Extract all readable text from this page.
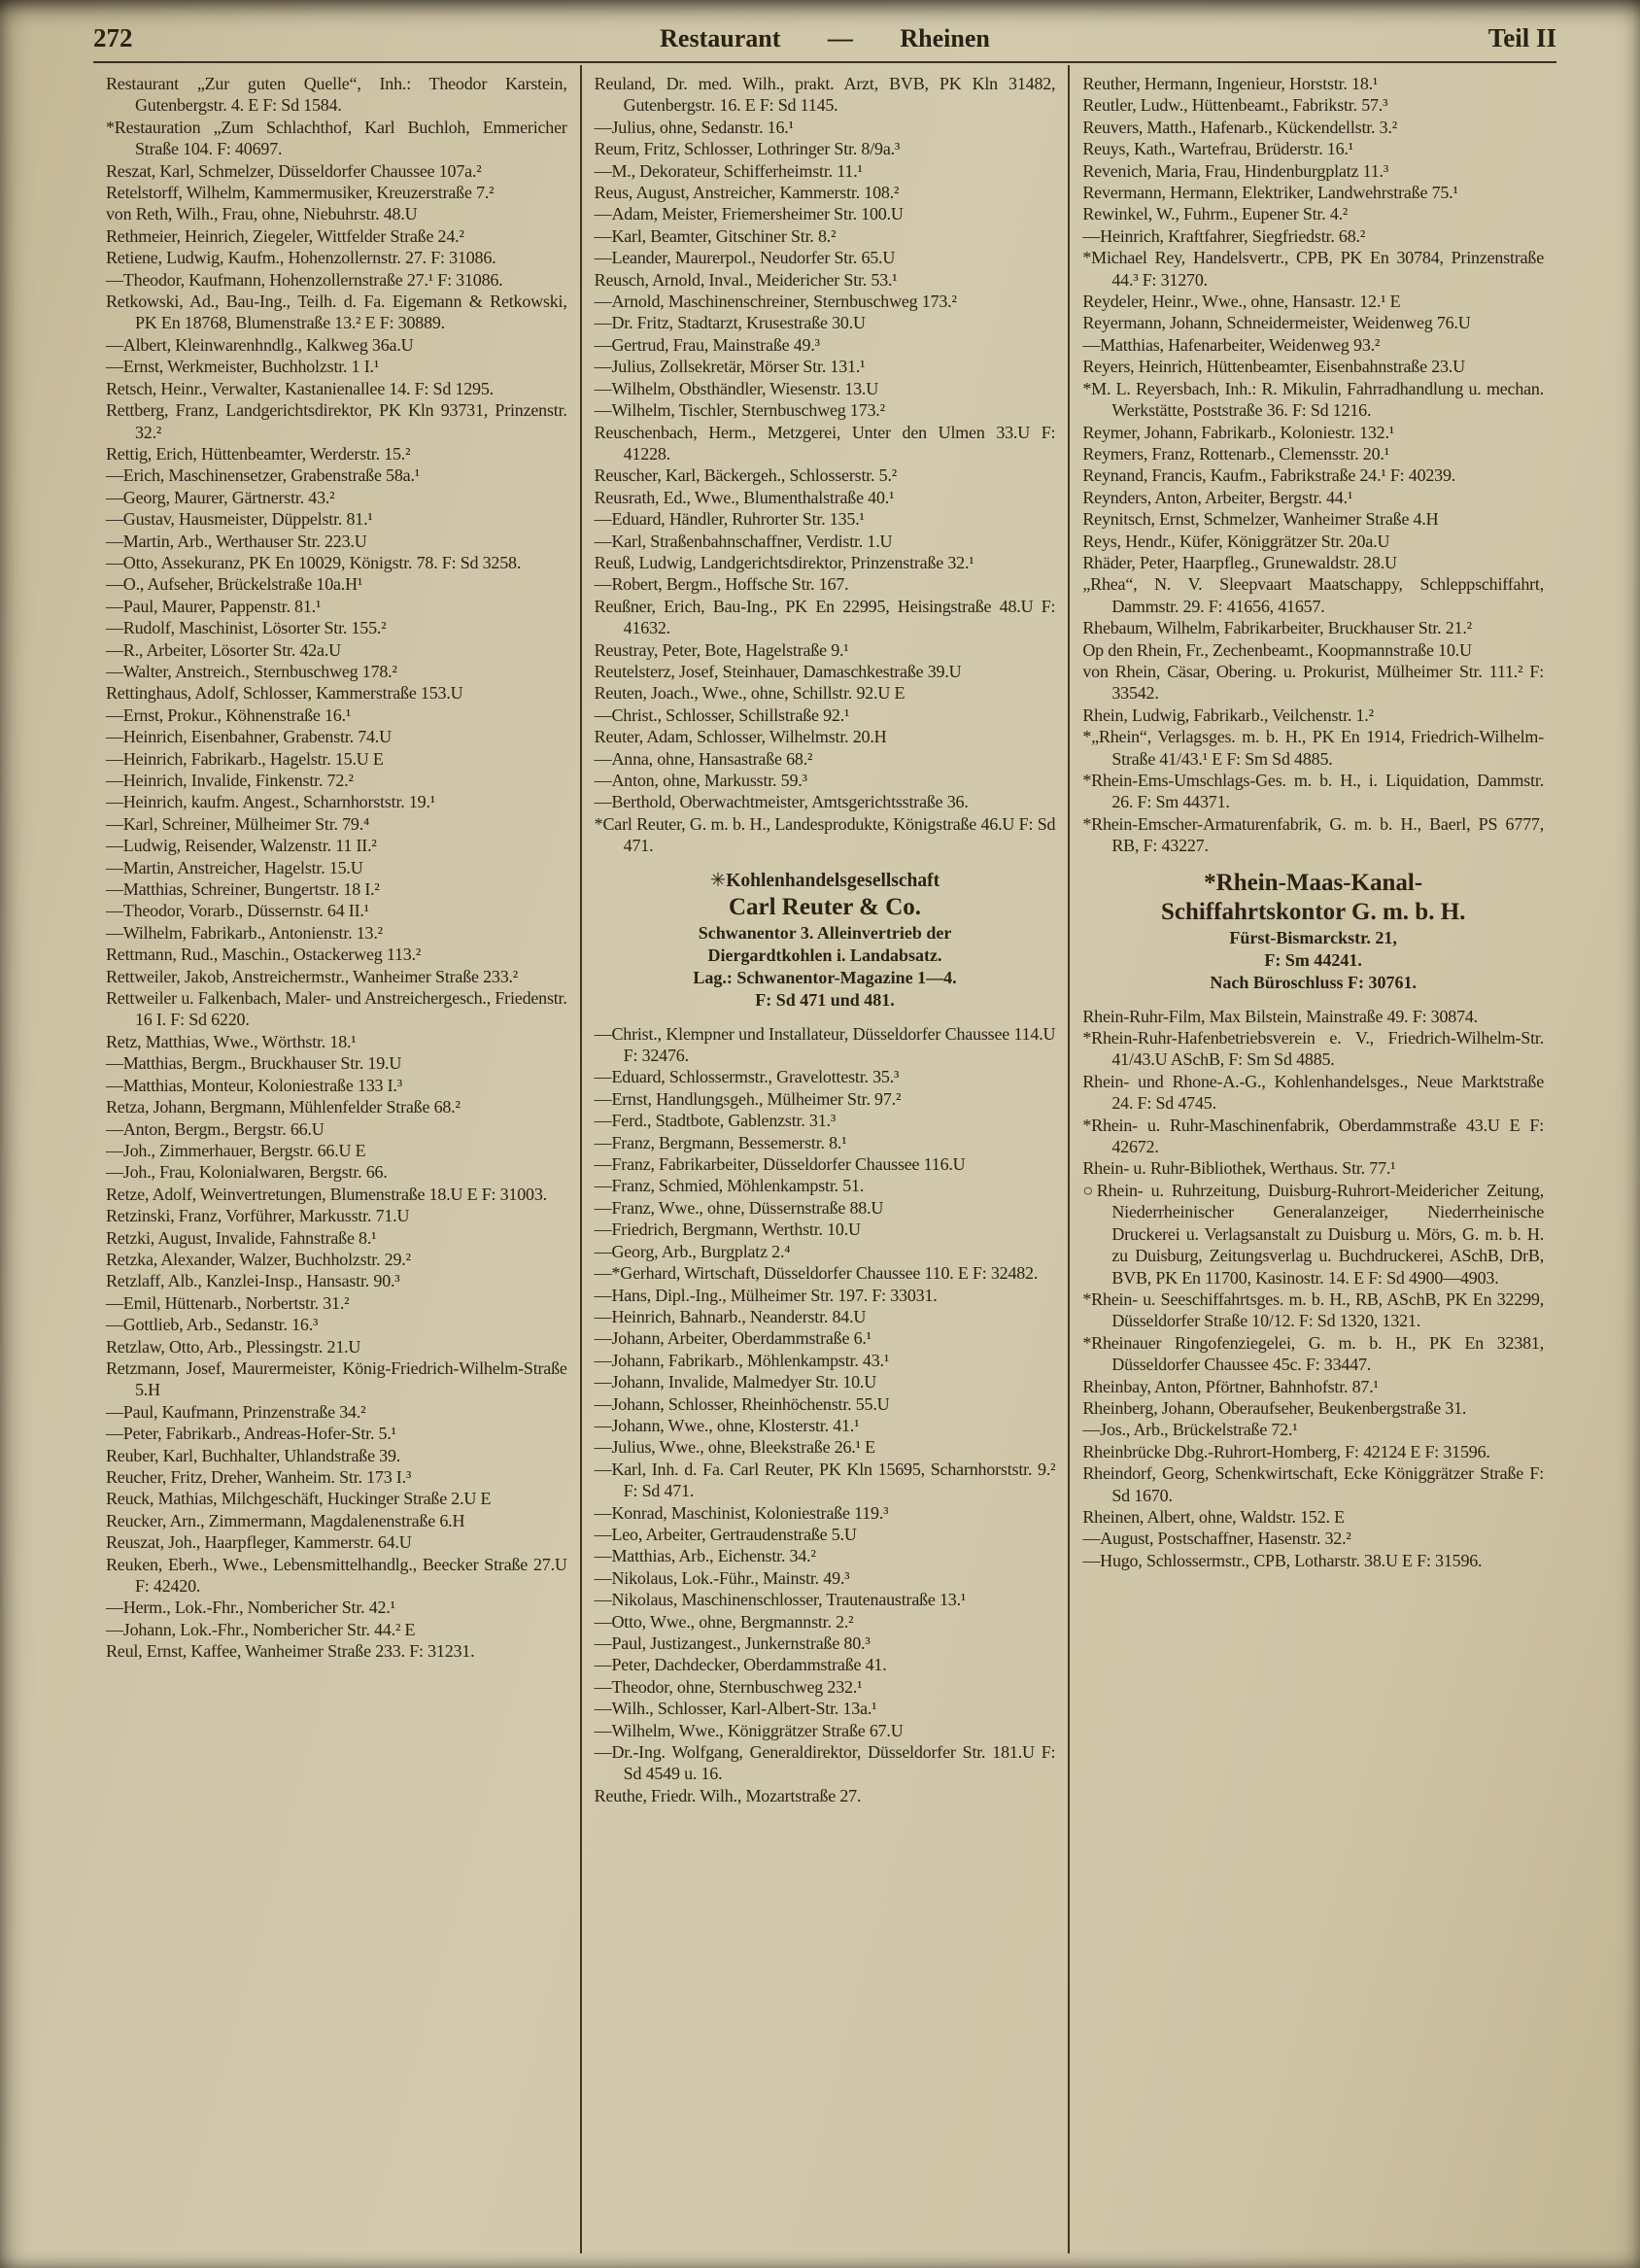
272	Restaurant — Rheinen	Teil II

Restaurant „Zur guten Quelle“, Inh.: Theodor Karstein, Gutenbergstr. 4. E F: Sd 1584.

*Restauration „Zum Schlachthof, Karl Buchloh, Emmericher Straße 104. F: 40697.

Reszat, Karl, Schmelzer, Düsseldorfer Chaussee 107a.²

Retelstorff, Wilhelm, Kammermusiker, Kreuzerstraße 7.²

von Reth, Wilh., Frau, ohne, Niebuhrstr. 48.U

Rethmeier, Heinrich, Ziegeler, Wittfelder Straße 24.²

Retiene, Ludwig, Kaufm., Hohenzollernstr. 27. F: 31086.

—Theodor, Kaufmann, Hohenzollernstraße 27.¹ F: 31086.

Retkowski, Ad., Bau-Ing., Teilh. d. Fa. Eigemann & Retkowski, PK En 18768, Blumenstraße 13.² E F: 30889.

—Albert, Kleinwarenhndlg., Kalkweg 36a.U

—Ernst, Werkmeister, Buchholzstr. 1 I.¹

Retsch, Heinr., Verwalter, Kastanienallee 14. F: Sd 1295.

Rettberg, Franz, Landgerichtsdirektor, PK Kln 93731, Prinzenstr. 32.²

Rettig, Erich, Hüttenbeamter, Werderstr. 15.²

—Erich, Maschinensetzer, Grabenstraße 58a.¹

—Georg, Maurer, Gärtnerstr. 43.²

—Gustav, Hausmeister, Düppelstr. 81.¹

—Martin, Arb., Werthauser Str. 223.U

—Otto, Assekuranz, PK En 10029, Königstr. 78. F: Sd 3258.

—O., Aufseher, Brückelstraße 10a.H¹

—Paul, Maurer, Pappenstr. 81.¹

—Rudolf, Maschinist, Lösorter Str. 155.²

—R., Arbeiter, Lösorter Str. 42a.U

—Walter, Anstreich., Sternbuschweg 178.²

Rettinghaus, Adolf, Schlosser, Kammerstraße 153.U

—Ernst, Prokur., Köhnenstraße 16.¹

—Heinrich, Eisenbahner, Grabenstr. 74.U

—Heinrich, Fabrikarb., Hagelstr. 15.U E

—Heinrich, Invalide, Finkenstr. 72.²

—Heinrich, kaufm. Angest., Scharnhorststr. 19.¹

—Karl, Schreiner, Mülheimer Str. 79.⁴

—Ludwig, Reisender, Walzenstr. 11 II.²

—Martin, Anstreicher, Hagelstr. 15.U

—Matthias, Schreiner, Bungertstr. 18 I.²

—Theodor, Vorarb., Düssernstr. 64 II.¹

—Wilhelm, Fabrikarb., Antonienstr. 13.²

Rettmann, Rud., Maschin., Ostackerweg 113.²

Rettweiler, Jakob, Anstreichermstr., Wanheimer Straße 233.²

Rettweiler u. Falkenbach, Maler- und Anstreichergesch., Friedenstr. 16 I. F: Sd 6220.

Retz, Matthias, Wwe., Wörthstr. 18.¹

—Matthias, Bergm., Bruckhauser Str. 19.U

—Matthias, Monteur, Koloniestraße 133 I.³

Retza, Johann, Bergmann, Mühlenfelder Straße 68.²

—Anton, Bergm., Bergstr. 66.U

—Joh., Zimmerhauer, Bergstr. 66.U E

—Joh., Frau, Kolonialwaren, Bergstr. 66.

Retze, Adolf, Weinvertretungen, Blumenstraße 18.U E F: 31003.

Retzinski, Franz, Vorführer, Markusstr. 71.U

Retzki, August, Invalide, Fahnstraße 8.¹

Retzka, Alexander, Walzer, Buchholzstr. 29.²

Retzlaff, Alb., Kanzlei-Insp., Hansastr. 90.³

—Emil, Hüttenarb., Norbertstr. 31.²

—Gottlieb, Arb., Sedanstr. 16.³

Retzlaw, Otto, Arb., Plessingstr. 21.U

Retzmann, Josef, Maurermeister, König-Friedrich-Wilhelm-Straße 5.H

—Paul, Kaufmann, Prinzenstraße 34.²

—Peter, Fabrikarb., Andreas-Hofer-Str. 5.¹

Reuber, Karl, Buchhalter, Uhlandstraße 39.

Reucher, Fritz, Dreher, Wanheim. Str. 173 I.³

Reuck, Mathias, Milchgeschäft, Huckinger Straße 2.U E

Reucker, Arn., Zimmermann, Magdalenenstraße 6.H

Reuszat, Joh., Haarpfleger, Kammerstr. 64.U

Reuken, Eberh., Wwe., Lebensmittelhandlg., Beecker Straße 27.U F: 42420.

—Herm., Lok.-Fhr., Nombericher Str. 42.¹

—Johann, Lok.-Fhr., Nombericher Str. 44.² E

Reul, Ernst, Kaffee, Wanheimer Straße 233. F: 31231.

Reuland, Dr. med. Wilh., prakt. Arzt, BVB, PK Kln 31482, Gutenbergstr. 16. E F: Sd 1145.

—Julius, ohne, Sedanstr. 16.¹

Reum, Fritz, Schlosser, Lothringer Str. 8/9a.³

—M., Dekorateur, Schifferheimstr. 11.¹

Reus, August, Anstreicher, Kammerstr. 108.²

—Adam, Meister, Friemersheimer Str. 100.U

—Karl, Beamter, Gitschiner Str. 8.²

—Leander, Maurerpol., Neudorfer Str. 65.U

Reusch, Arnold, Inval., Meidericher Str. 53.¹

—Arnold, Maschinenschreiner, Sternbuschweg 173.²

—Dr. Fritz, Stadtarzt, Krusestraße 30.U

—Gertrud, Frau, Mainstraße 49.³

—Julius, Zollsekretär, Mörser Str. 131.¹

—Wilhelm, Obsthändler, Wiesenstr. 13.U

—Wilhelm, Tischler, Sternbuschweg 173.²

Reuschenbach, Herm., Metzgerei, Unter den Ulmen 33.U F: 41228.

Reuscher, Karl, Bäckergeh., Schlosserstr. 5.²

Reusrath, Ed., Wwe., Blumenthalstraße 40.¹

—Eduard, Händler, Ruhrorter Str. 135.¹

—Karl, Straßenbahnschaffner, Verdistr. 1.U

Reuß, Ludwig, Landgerichtsdirektor, Prinzenstraße 32.¹

—Robert, Bergm., Hoffsche Str. 167.

Reußner, Erich, Bau-Ing., PK En 22995, Heisingstraße 48.U F: 41632.

Reustray, Peter, Bote, Hagelstraße 9.¹

Reutelsterz, Josef, Steinhauer, Damaschkestraße 39.U

Reuten, Joach., Wwe., ohne, Schillstr. 92.U E

—Christ., Schlosser, Schillstraße 92.¹

Reuter, Adam, Schlosser, Wilhelmstr. 20.H

—Anna, ohne, Hansastraße 68.²

—Anton, ohne, Markusstr. 59.³

—Berthold, Oberwachtmeister, Amtsgerichtsstraße 36.

*Carl Reuter, G. m. b. H., Landesprodukte, Königstraße 46.U F: Sd 471.

✳Kohlenhandelsgesellschaft

Carl Reuter & Co.

Schwanentor 3. Alleinvertrieb der

Diergardtkohlen i. Landabsatz.

Lag.: Schwanentor-Magazine 1—4.

F: Sd 471 und 481.

—Christ., Klempner und Installateur, Düsseldorfer Chaussee 114.U F: 32476.

—Eduard, Schlossermstr., Gravelottestr. 35.³

—Ernst, Handlungsgeh., Mülheimer Str. 97.²

—Ferd., Stadtbote, Gablenzstr. 31.³

—Franz, Bergmann, Bessemerstr. 8.¹

—Franz, Fabrikarbeiter, Düsseldorfer Chaussee 116.U

—Franz, Schmied, Möhlenkampstr. 51.

—Franz, Wwe., ohne, Düssernstraße 88.U

—Friedrich, Bergmann, Werthstr. 10.U

—Georg, Arb., Burgplatz 2.⁴

—*Gerhard, Wirtschaft, Düsseldorfer Chaussee 110. E F: 32482.

—Hans, Dipl.-Ing., Mülheimer Str. 197. F: 33031.

—Heinrich, Bahnarb., Neanderstr. 84.U

—Johann, Arbeiter, Oberdammstraße 6.¹

—Johann, Fabrikarb., Möhlenkampstr. 43.¹

—Johann, Invalide, Malmedyer Str. 10.U

—Johann, Schlosser, Rheinhöchenstr. 55.U

—Johann, Wwe., ohne, Klosterstr. 41.¹

—Julius, Wwe., ohne, Bleekstraße 26.¹ E

—Karl, Inh. d. Fa. Carl Reuter, PK Kln 15695, Scharnhorststr. 9.² F: Sd 471.

—Konrad, Maschinist, Koloniestraße 119.³

—Leo, Arbeiter, Gertraudenstraße 5.U

—Matthias, Arb., Eichenstr. 34.²

—Nikolaus, Lok.-Führ., Mainstr. 49.³

—Nikolaus, Maschinenschlosser, Trautenaustraße 13.¹

—Otto, Wwe., ohne, Bergmannstr. 2.²

—Paul, Justizangest., Junkernstraße 80.³

—Peter, Dachdecker, Oberdammstraße 41.

—Theodor, ohne, Sternbuschweg 232.¹

—Wilh., Schlosser, Karl-Albert-Str. 13a.¹

—Wilhelm, Wwe., Königgrätzer Straße 67.U

—Dr.-Ing. Wolfgang, Generaldirektor, Düsseldorfer Str. 181.U F: Sd 4549 u. 16.

Reuthe, Friedr. Wilh., Mozartstraße 27.

Reuther, Hermann, Ingenieur, Horststr. 18.¹

Reutler, Ludw., Hüttenbeamt., Fabrikstr. 57.³

Reuvers, Matth., Hafenarb., Kückendellstr. 3.²

Reuys, Kath., Wartefrau, Brüderstr. 16.¹

Revenich, Maria, Frau, Hindenburgplatz 11.³

Revermann, Hermann, Elektriker, Landwehrstraße 75.¹

Rewinkel, W., Fuhrm., Eupener Str. 4.²

—Heinrich, Kraftfahrer, Siegfriedstr. 68.²

*Michael Rey, Handelsvertr., CPB, PK En 30784, Prinzenstraße 44.³ F: 31270.

Reydeler, Heinr., Wwe., ohne, Hansastr. 12.¹ E

Reyermann, Johann, Schneidermeister, Weidenweg 76.U

—Matthias, Hafenarbeiter, Weidenweg 93.²

Reyers, Heinrich, Hüttenbeamter, Eisenbahnstraße 23.U

*M. L. Reyersbach, Inh.: R. Mikulin, Fahrradhandlung u. mechan. Werkstätte, Poststraße 36. F: Sd 1216.

Reymer, Johann, Fabrikarb., Koloniestr. 132.¹

Reymers, Franz, Rottenarb., Clemensstr. 20.¹

Reynand, Francis, Kaufm., Fabrikstraße 24.¹ F: 40239.

Reynders, Anton, Arbeiter, Bergstr. 44.¹

Reynitsch, Ernst, Schmelzer, Wanheimer Straße 4.H

Reys, Hendr., Küfer, Königgrätzer Str. 20a.U

Rhäder, Peter, Haarpfleg., Grunewaldstr. 28.U

„Rhea“, N. V. Sleepvaart Maatschappy, Schleppschiffahrt, Dammstr. 29. F: 41656, 41657.

Rhebaum, Wilhelm, Fabrikarbeiter, Bruckhauser Str. 21.²

Op den Rhein, Fr., Zechenbeamt., Koopmannstraße 10.U

von Rhein, Cäsar, Obering. u. Prokurist, Mülheimer Str. 111.² F: 33542.

Rhein, Ludwig, Fabrikarb., Veilchenstr. 1.²

*„Rhein“, Verlagsges. m. b. H., PK En 1914, Friedrich-Wilhelm-Straße 41/43.¹ E F: Sm Sd 4885.

*Rhein-Ems-Umschlags-Ges. m. b. H., i. Liquidation, Dammstr. 26. F: Sm 44371.

*Rhein-Emscher-Armaturenfabrik, G. m. b. H., Baerl, PS 6777, RB, F: 43227.

*Rhein-Maas-Kanal-

Schiffahrtskontor G. m. b. H.

Fürst-Bismarckstr. 21,

F: Sm 44241.

Nach Büroschluss F: 30761.

Rhein-Ruhr-Film, Max Bilstein, Mainstraße 49. F: 30874.

*Rhein-Ruhr-Hafenbetriebsverein e. V., Friedrich-Wilhelm-Str. 41/43.U ASchB, F: Sm Sd 4885.

Rhein- und Rhone-A.-G., Kohlenhandelsges., Neue Marktstraße 24. F: Sd 4745.

*Rhein- u. Ruhr-Maschinenfabrik, Oberdammstraße 43.U E F: 42672.

Rhein- u. Ruhr-Bibliothek, Werthaus. Str. 77.¹

○Rhein- u. Ruhrzeitung, Duisburg-Ruhrort-Meidericher Zeitung, Niederrheinischer Generalanzeiger, Niederrheinische Druckerei u. Verlagsanstalt zu Duisburg u. Mörs, G. m. b. H. zu Duisburg, Zeitungsverlag u. Buchdruckerei, ASchB, DrB, BVB, PK En 11700, Kasinostr. 14. E F: Sd 4900—4903.

*Rhein- u. Seeschiffahrtsges. m. b. H., RB, ASchB, PK En 32299, Düsseldorfer Straße 10/12. F: Sd 1320, 1321.

*Rheinauer Ringofenziegelei, G. m. b. H., PK En 32381, Düsseldorfer Chaussee 45c. F: 33447.

Rheinbay, Anton, Pförtner, Bahnhofstr. 87.¹

Rheinberg, Johann, Oberaufseher, Beukenbergstraße 31.

—Jos., Arb., Brückelstraße 72.¹

Rheinbrücke Dbg.-Ruhrort-Homberg, F: 42124 E F: 31596.

Rheindorf, Georg, Schenkwirtschaft, Ecke Königgrätzer Straße F: Sd 1670.

Rheinen, Albert, ohne, Waldstr. 152. E

—August, Postschaffner, Hasenstr. 32.²

—Hugo, Schlossermstr., CPB, Lotharstr. 38.U E F: 31596.
